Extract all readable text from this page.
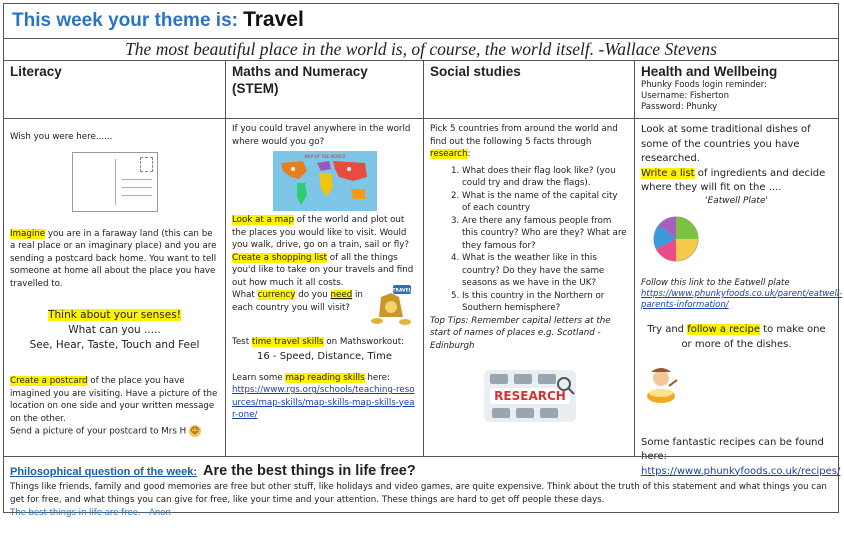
This week your theme is: Travel
The most beautiful place in the world is, of course, the world itself. -Wallace Stevens
Literacy

Wish you were here......

Imagine you are in a faraway land (this can be a real place or an imaginary place) and you are sending a postcard back home. You want to tell someone at home all about the place you have travelled to.

Think about your senses!
What can you .....
See, Hear, Taste, Touch and Feel

Create a postcard of the place you have imagined you are visiting. Have a picture of the location on one side and your written message on the other.

Send a picture of your postcard to Mrs H ☺

Maths and Numeracy
(STEM)

If you could travel anywhere in the world where would you go?

MAP OF THE WORLD

Look at a map of the world and plot out the places you would like to visit. Would you walk, drive, go on a train, sail or fly?

Create a shopping list of all the things you'd like to take on your travels and find out how much it all costs.

What currency do you need in each country you will visit?

TRAVEL

Test time travel skills on Mathsworkout:

16 - Speed, Distance, Time

Learn some map reading skills here:

https://www.rgs.org/schools/teaching-resources/map-skills/map-skills-map-skills-year-one/

Social studies

Pick 5 countries from around the world and find out the following 5 facts through research:

1. What does their flag look like? (you could try and draw the flags).
2. What is the name of the capital city of each country
3. Are there any famous people from this country? Who are they? What are they famous for?
4. What is the weather like in this country? Do they have the same seasons as we have in the UK?
5. Is this country in the Northern or Southern hemisphere?

Top Tips: Remember capital letters at the start of names of places e.g. Scotland - Edinburgh

RESEARCH
Health and Wellbeing
Phunky Foods login reminder:
Username: Fisherton
Password: Phunky

Look at some traditional dishes of some of the countries you have researched.

Write a list of ingredients and decide where they will fit on the ....

'Eatwell Plate'

Follow this link to the Eatwell plate

https://www.phunkyfoods.co.uk/parent/eatwell-parents-information/

Try and follow a recipe to make one or more of the dishes.

Some fantastic recipes can be found here:

https://www.phunkyfoods.co.uk/recipes/

Philosophical question of the week: Are the best things in life free?
Things like friends, family and good memories are free but other stuff, like holidays and video games, are quite expensive. Think about the truth of this statement and what things you can get for free, and what things you can give for free, like your time and your attention. These things are hard to get off people these days.
The best things in life are free. - Anon
